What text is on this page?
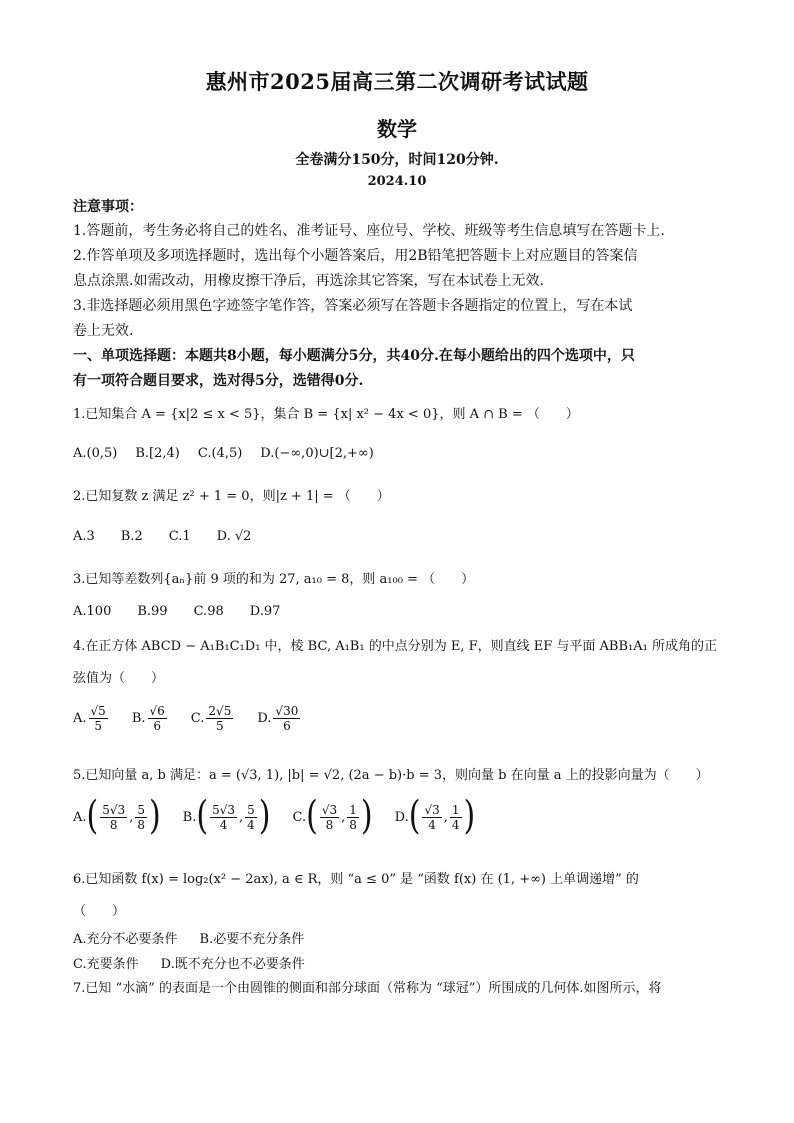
惠州市2025届高三第二次调研考试试题
数学
全卷满分150分，时间120分钟.
2024.10
注意事项：
1.答题前，考生务必将自己的姓名、准考证号、座位号、学校、班级等考生信息填写在答题卡上.
2.作答单项及多项选择题时，选出每个小题答案后，用2B铅笔把答题卡上对应题目的答案信
息点涂黑.如需改动，用橡皮擦干净后，再选涂其它答案，写在本试卷上无效.
3.非选择题必须用黑色字迹签字笔作答，答案必须写在答题卡各题指定的位置上，写在本试
卷上无效.
一、单项选择题：本题共8小题，每小题满分5分，共40分.在每小题给出的四个选项中，只
有一项符合题目要求，选对得5分，选错得0分.
1.已知集合 A = {x|2 ≤ x < 5}，集合 B = {x| x² − 4x < 0}，则 A ∩ B = （　　）
A.(0,5) B.[2,4) C.(4,5) D.(−∞,0)∪[2,+∞)
2.已知复数 z 满足 z² + 1 = 0，则|z + 1| = （　　）
A.3 B.2 C.1 D. √2
3.已知等差数列{aₙ}前 9 项的和为 27, a₁₀ = 8，则 a₁₀₀ = （　　）
A.100 B.99 C.98 D.97
4.在正方体 ABCD − A₁B₁C₁D₁ 中，棱 BC, A₁B₁ 的中点分别为 E, F，则直线 EF 与平面 ABB₁A₁ 所成角的正
弦值为（　　）
A. $\frac{√5}{5} B$. $\frac{√6}{6} C$. $\frac{2√5}{5} D$. $\frac{√30}{6}$
5.已知向量 a, b 满足：a = (√3, 1), |b| = √2, (2a − b)·b = 3，则向量 b 在向量 a 上的投影向量为（　　）
A. ( $\frac{5√3}{8}$ , $\frac{5}{8}$ ) B. ( $\frac{5√3}{4}$ , $\frac{5}{4}$ ) C. ( $\frac{√3}{8}$ , $\frac{1}{8}$ ) D. ( $\frac{√3}{4}$ , $\frac{1}{4}$ )
6.已知函数 f(x) = log₂(x² − 2ax), a ∈ R，则 “a ≤ 0” 是 “函数 f(x) 在 (1, +∞) 上单调递增” 的
（　　）
A.充分不必要条件 B.必要不充分条件
C.充要条件 D.既不充分也不必要条件
7.已知 “水滴” 的表面是一个由圆锥的侧面和部分球面（常称为 “球冠”）所围成的几何体.如图所示，将
